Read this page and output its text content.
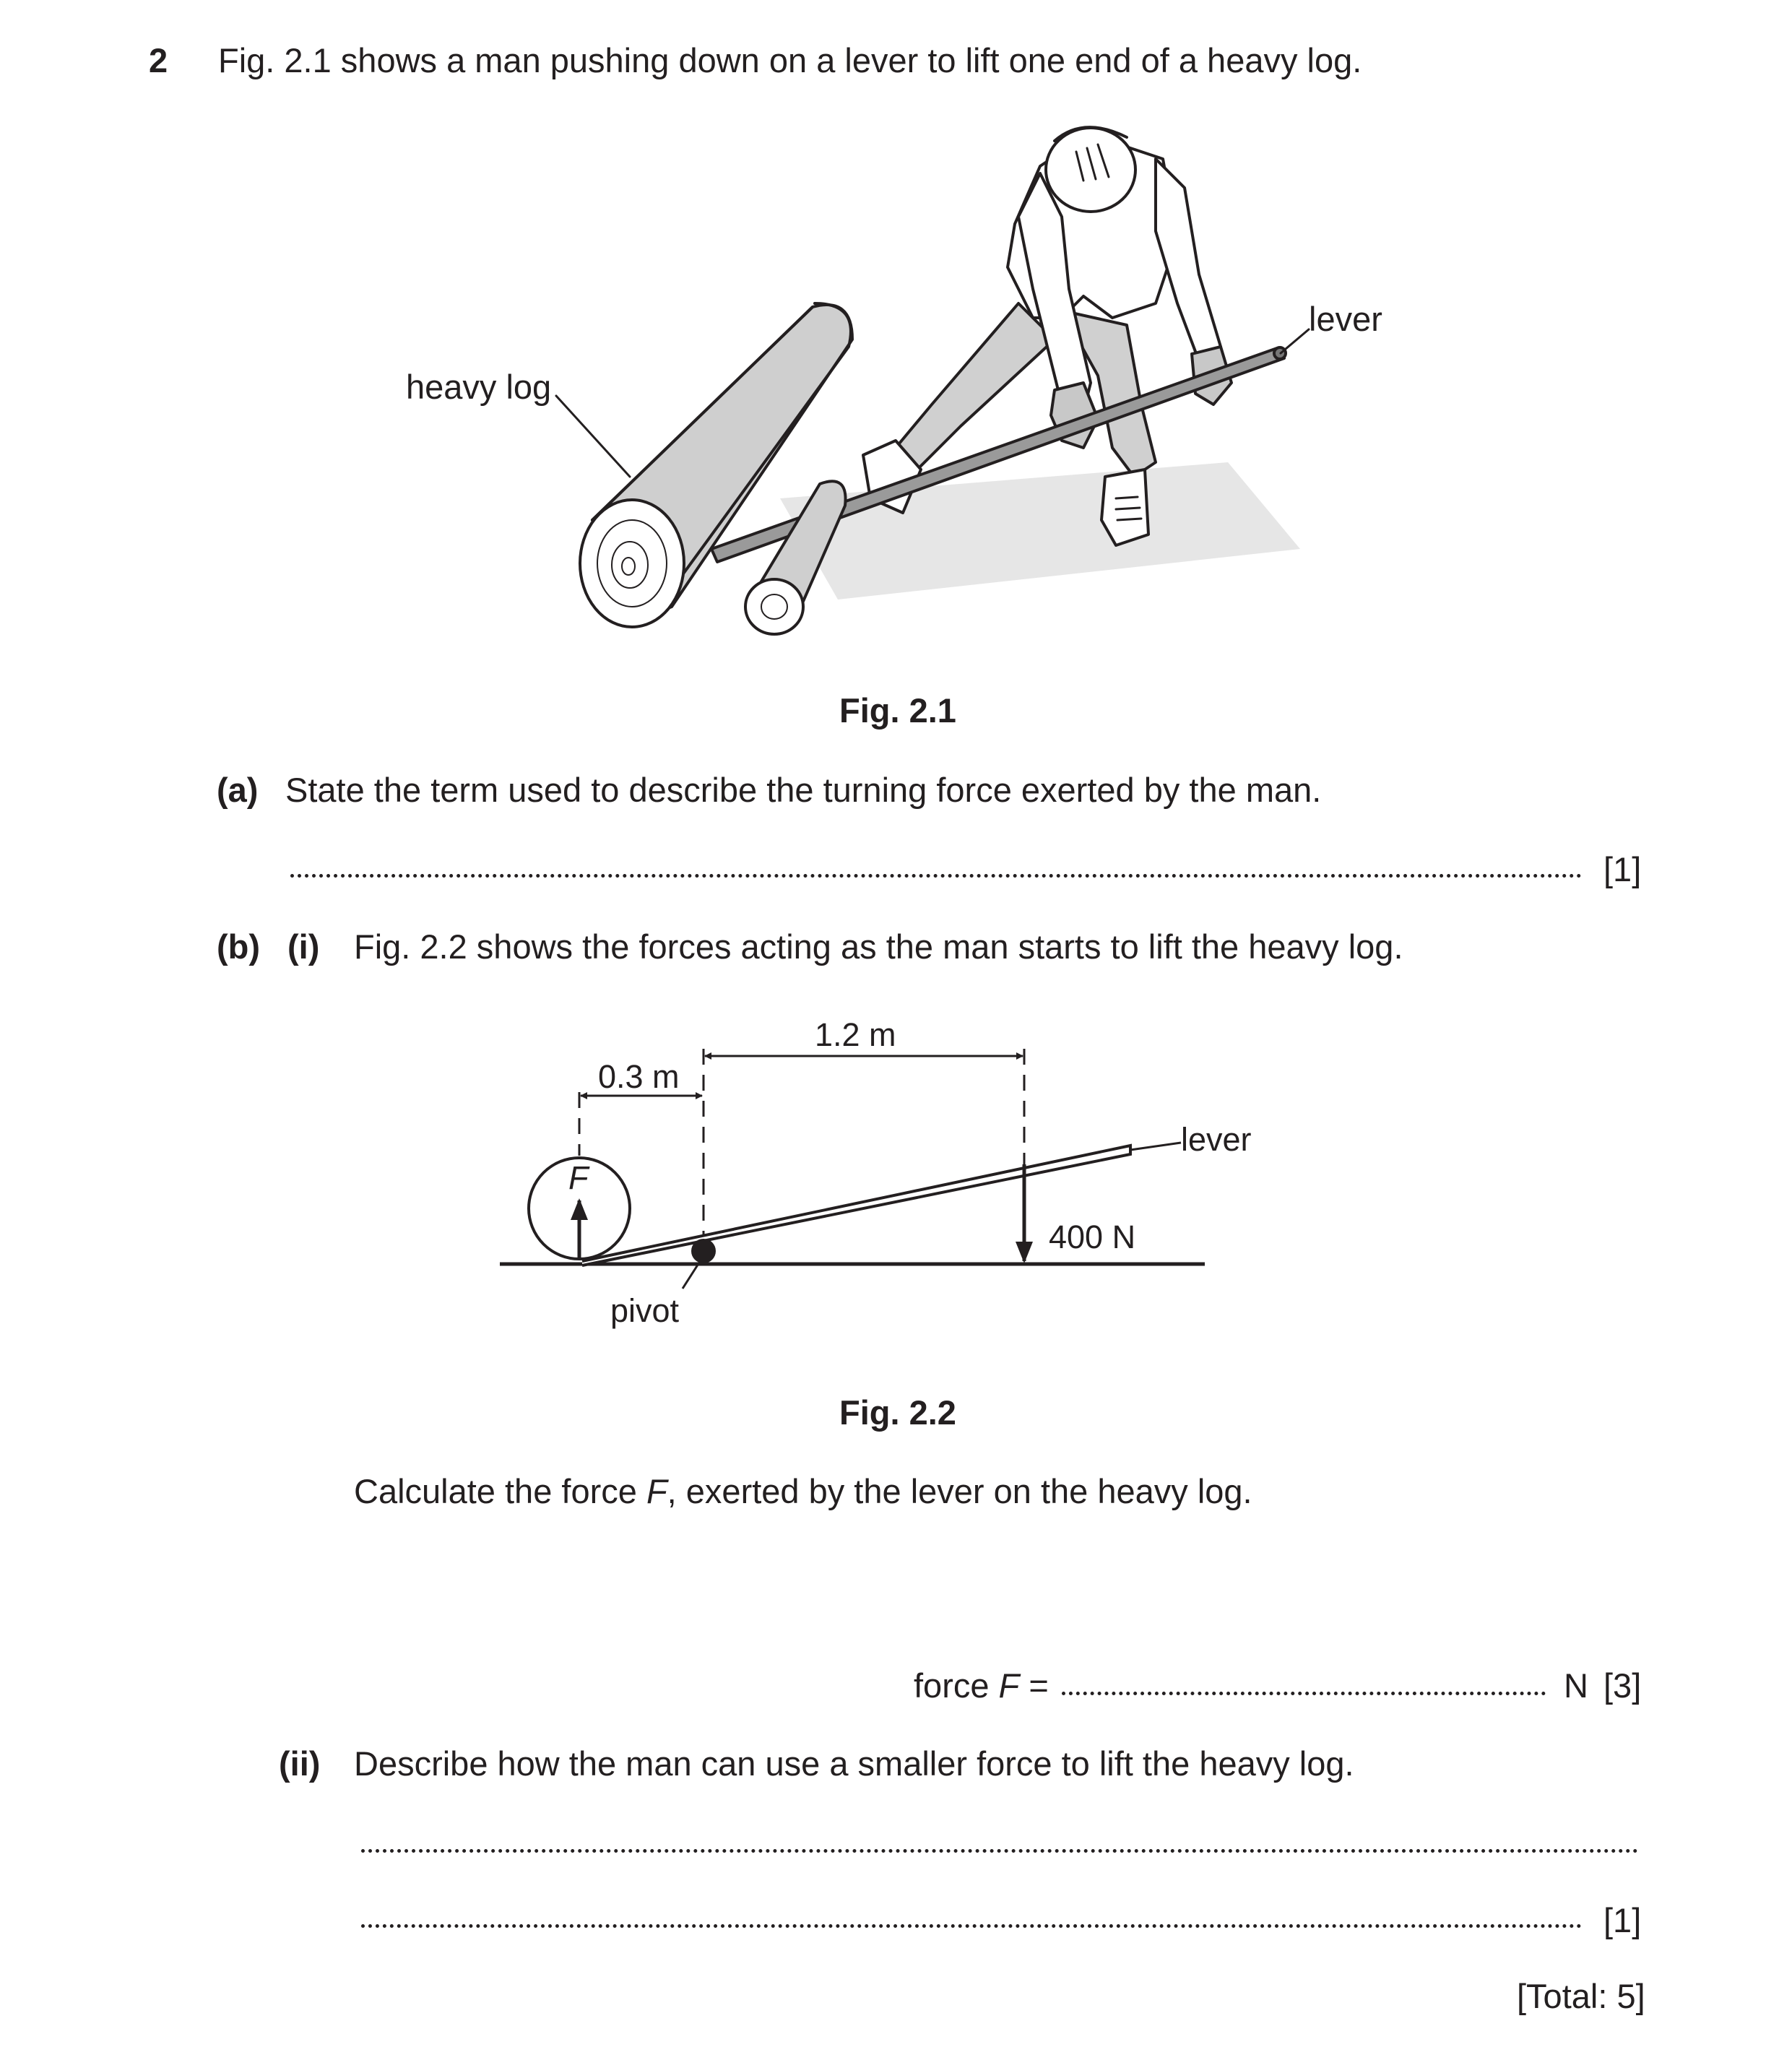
2 Fig. 2.1 shows a man pushing down on a lever to lift one end of a heavy log.
heavy log
lever
Fig. 2.1
(a) State the term used to describe the turning force exerted by the man.
[1]
(b) (i) Fig. 2.2 shows the forces acting as the man starts to lift the heavy log.
0.3 m
1.2 m
F
400 N
lever
pivot
Fig. 2.2
Calculate the force F, exerted by the lever on the heavy log.
force F =	N [3]
(ii) Describe how the man can use a smaller force to lift the heavy log.
[1]
[Total: 5]
